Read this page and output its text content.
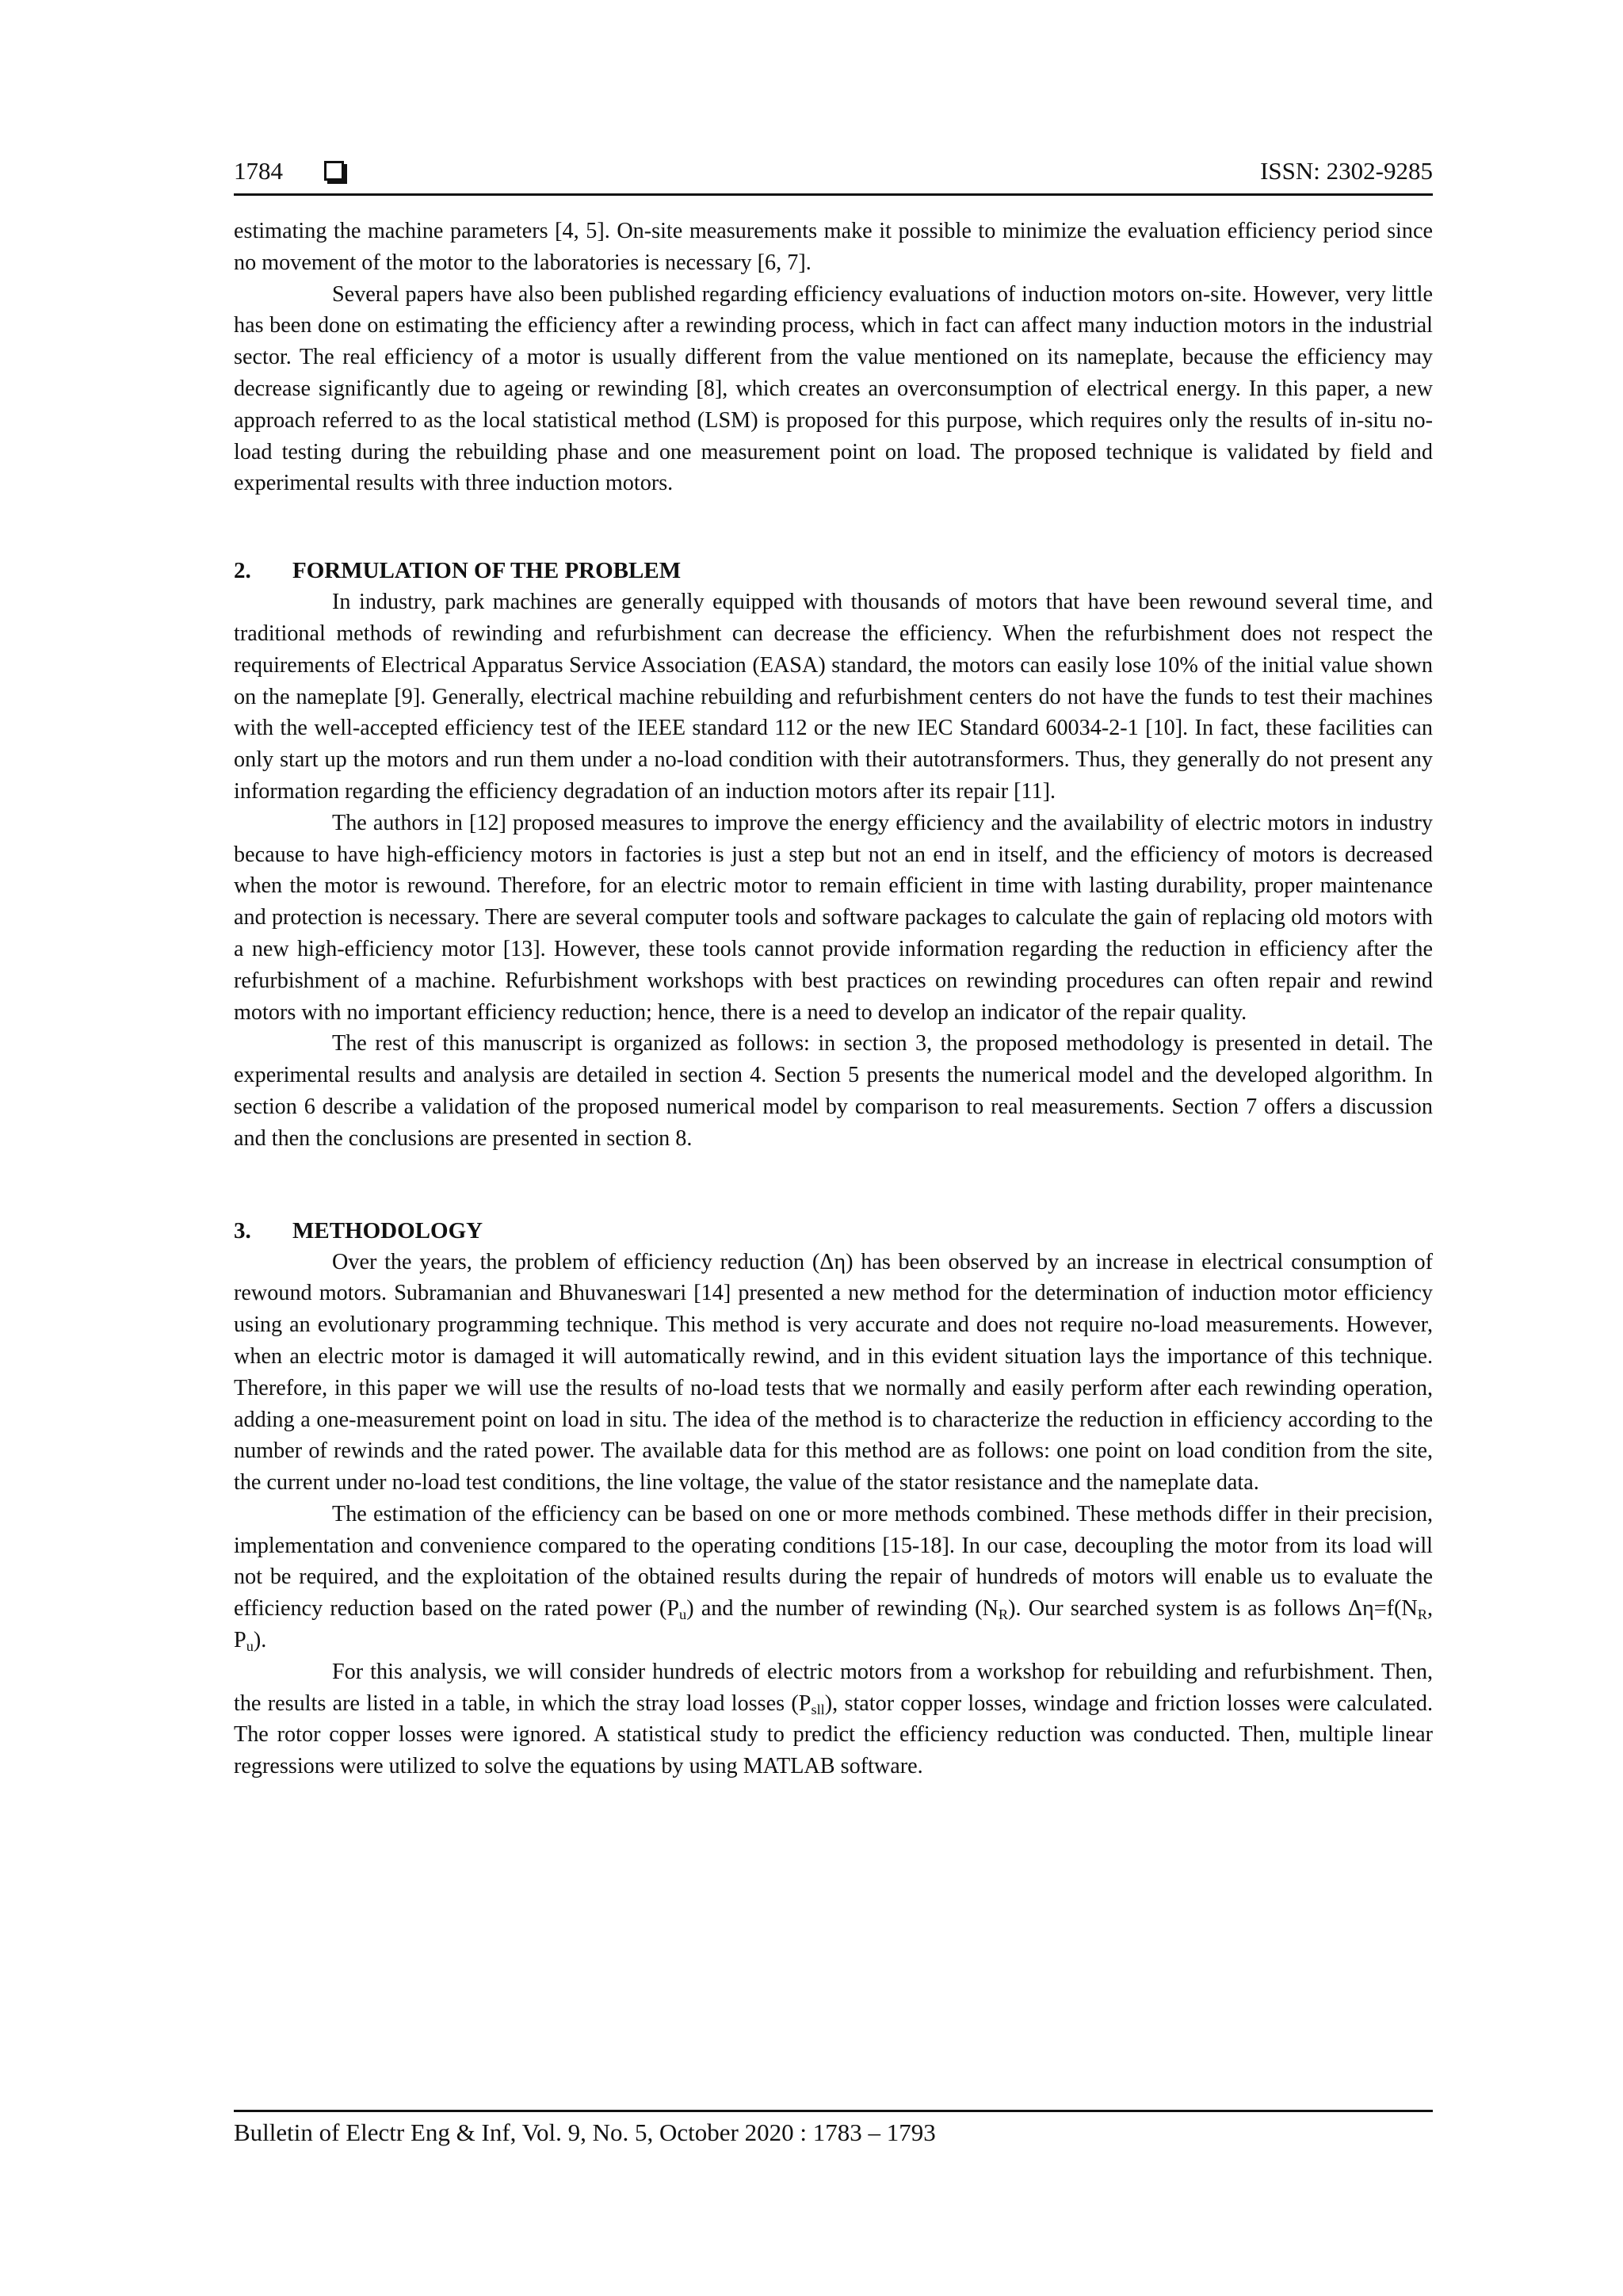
1784	ISSN: 2302-9285

estimating the machine parameters [4, 5]. On-site measurements make it possible to minimize the evaluation efficiency period since no movement of the motor to the laboratories is necessary [6, 7].

Several papers have also been published regarding efficiency evaluations of induction motors on-site. However, very little has been done on estimating the efficiency after a rewinding process, which in fact can affect many induction motors in the industrial sector. The real efficiency of a motor is usually different from the value mentioned on its nameplate, because the efficiency may decrease significantly due to ageing or rewinding [8], which creates an overconsumption of electrical energy. In this paper, a new approach referred to as the local statistical method (LSM) is proposed for this purpose, which requires only the results of in-situ no-load testing during the rebuilding phase and one measurement point on load. The proposed technique is validated by field and experimental results with three induction motors.

2.	FORMULATION OF THE PROBLEM

In industry, park machines are generally equipped with thousands of motors that have been rewound several time, and traditional methods of rewinding and refurbishment can decrease the efficiency. When the refurbishment does not respect the requirements of Electrical Apparatus Service Association (EASA) standard, the motors can easily lose 10% of the initial value shown on the nameplate [9]. Generally, electrical machine rebuilding and refurbishment centers do not have the funds to test their machines with the well-accepted efficiency test of the IEEE standard 112 or the new IEC Standard 60034-2-1 [10]. In fact, these facilities can only start up the motors and run them under a no-load condition with their autotransformers. Thus, they generally do not present any information regarding the efficiency degradation of an induction motors after its repair [11].

The authors in [12] proposed measures to improve the energy efficiency and the availability of electric motors in industry because to have high-efficiency motors in factories is just a step but not an end in itself, and the efficiency of motors is decreased when the motor is rewound. Therefore, for an electric motor to remain efficient in time with lasting durability, proper maintenance and protection is necessary. There are several computer tools and software packages to calculate the gain of replacing old motors with a new high-efficiency motor [13]. However, these tools cannot provide information regarding the reduction in efficiency after the refurbishment of a machine. Refurbishment workshops with best practices on rewinding procedures can often repair and rewind motors with no important efficiency reduction; hence, there is a need to develop an indicator of the repair quality.

The rest of this manuscript is organized as follows: in section 3, the proposed methodology is presented in detail. The experimental results and analysis are detailed in section 4. Section 5 presents the numerical model and the developed algorithm. In section 6 describe a validation of the proposed numerical model by comparison to real measurements. Section 7 offers a discussion and then the conclusions are presented in section 8.

3.	METHODOLOGY

Over the years, the problem of efficiency reduction (Δη) has been observed by an increase in electrical consumption of rewound motors. Subramanian and Bhuvaneswari [14] presented a new method for the determination of induction motor efficiency using an evolutionary programming technique. This method is very accurate and does not require no-load measurements. However, when an electric motor is damaged it will automatically rewind, and in this evident situation lays the importance of this technique. Therefore, in this paper we will use the results of no-load tests that we normally and easily perform after each rewinding operation, adding a one-measurement point on load in situ. The idea of the method is to characterize the reduction in efficiency according to the number of rewinds and the rated power. The available data for this method are as follows: one point on load condition from the site, the current under no-load test conditions, the line voltage, the value of the stator resistance and the nameplate data.

The estimation of the efficiency can be based on one or more methods combined. These methods differ in their precision, implementation and convenience compared to the operating conditions [15-18]. In our case, decoupling the motor from its load will not be required, and the exploitation of the obtained results during the repair of hundreds of motors will enable us to evaluate the efficiency reduction based on the rated power $(P_u)$ and the number of rewinding $(N_R)$. Our searched system is as follows $\Delta\eta=f(N_R$, $P_u$).

For this analysis, we will consider hundreds of electric motors from a workshop for rebuilding and refurbishment. Then, the results are listed in a table, in which the stray load losses $(P_{sll})$, stator copper losses, windage and friction losses were calculated. The rotor copper losses were ignored. A statistical study to predict the efficiency reduction was conducted. Then, multiple linear regressions were utilized to solve the equations by using MATLAB software.

Bulletin of Electr Eng & Inf, Vol. 9, No. 5, October 2020 : 1783 – 1793
